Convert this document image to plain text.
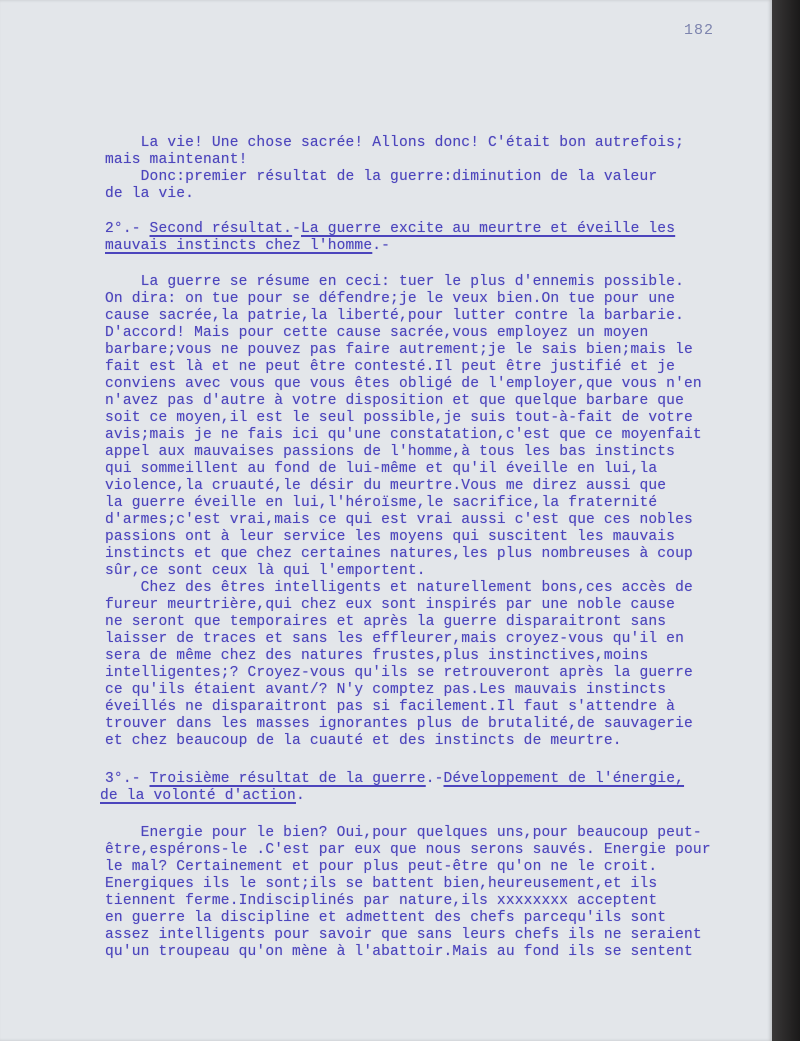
182

La vie! Une chose sacrée! Allons donc! C'était bon autrefois;

mais maintenant!

Donc:premier résultat de la guerre:diminution de la valeur

de la vie.

2°.- Second résultat.-La guerre excite au meurtre et éveille les

mauvais instincts chez l'homme.-

La guerre se résume en ceci: tuer le plus d'ennemis possible.

On dira: on tue pour se défendre;je le veux bien.On tue pour une

cause sacrée,la patrie,la liberté,pour lutter contre la barbarie.

D'accord! Mais pour cette cause sacrée,vous employez un moyen

barbare;vous ne pouvez pas faire autrement;je le sais bien;mais le

fait est là et ne peut être contesté.Il peut être justifié et je

conviens avec vous que vous êtes obligé de l'employer,que vous n'en

n'avez pas d'autre à votre disposition et que quelque barbare que

soit ce moyen,il est le seul possible,je suis tout-à-fait de votre

avis;mais je ne fais ici qu'une constatation,c'est que ce moyenfait

appel aux mauvaises passions de l'homme,à tous les bas instincts

qui sommeillent au fond de lui-même et qu'il éveille en lui,la

violence,la cruauté,le désir du meurtre.Vous me direz aussi que

la guerre éveille en lui,l'héroïsme,le sacrifice,la fraternité

d'armes;c'est vrai,mais ce qui est vrai aussi c'est que ces nobles

passions ont à leur service les moyens qui suscitent les mauvais

instincts et que chez certaines natures,les plus nombreuses à coup

sûr,ce sont ceux là qui l'emportent.

Chez des êtres intelligents et naturellement bons,ces accès de

fureur meurtrière,qui chez eux sont inspirés par une noble cause

ne seront que temporaires et après la guerre disparaitront sans

laisser de traces et sans les effleurer,mais croyez-vous qu'il en

sera de même chez des natures frustes,plus instinctives,moins

intelligentes;? Croyez-vous qu'ils se retrouveront après la guerre

ce qu'ils étaient avant/? N'y comptez pas.Les mauvais instincts

éveillés ne disparaitront pas si facilement.Il faut s'attendre à

trouver dans les masses ignorantes plus de brutalité,de sauvagerie

et chez beaucoup de la cuauté et des instincts de meurtre.

3°.- Troisième résultat de la guerre.-Développement de l'énergie,

de la volonté d'action.

Energie pour le bien? Oui,pour quelques uns,pour beaucoup peut-

être,espérons-le .C'est par eux que nous serons sauvés. Energie pour

le mal? Certainement et pour plus peut-être qu'on ne le croit.

Energiques ils le sont;ils se battent bien,heureusement,et ils

tiennent ferme.Indisciplinés par nature,ils xxxxxxxx acceptent

en guerre la discipline et admettent des chefs parcequ'ils sont

assez intelligents pour savoir que sans leurs chefs ils ne seraient

qu'un troupeau qu'on mène à l'abattoir.Mais au fond ils se sentent
